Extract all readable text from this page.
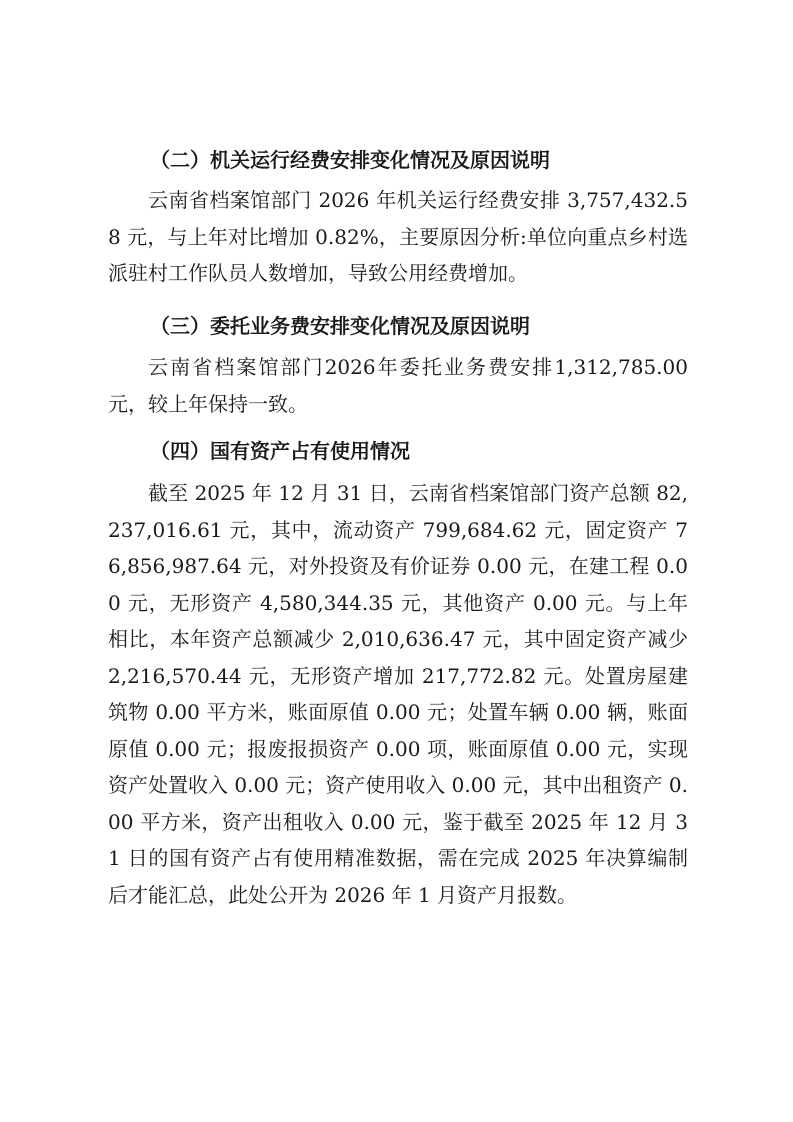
（二）机关运行经费安排变化情况及原因说明

云南省档案馆部门 2026 年机关运行经费安排 3,757,432.58 元，与上年对比增加 0.82%，主要原因分析:单位向重点乡村选派驻村工作队员人数增加，导致公用经费增加。

（三）委托业务费安排变化情况及原因说明

云南省档案馆部门2026年委托业务费安排1,312,785.00元，较上年保持一致。

（四）国有资产占有使用情况

截至 2025 年 12 月 31 日，云南省档案馆部门资产总额 82,237,016.61 元，其中，流动资产 799,684.62 元，固定资产 76,856,987.64 元，对外投资及有价证券 0.00 元，在建工程 0.00 元，无形资产 4,580,344.35 元，其他资产 0.00 元。与上年相比，本年资产总额减少 2,010,636.47 元，其中固定资产减少 2,216,570.44 元，无形资产增加 217,772.82 元。处置房屋建筑物 0.00 平方米，账面原值 0.00 元；处置车辆 0.00 辆，账面原值 0.00 元；报废报损资产 0.00 项，账面原值 0.00 元，实现资产处置收入 0.00 元；资产使用收入 0.00 元，其中出租资产 0.00 平方米，资产出租收入 0.00 元，鉴于截至 2025 年 12 月 31 日的国有资产占有使用精准数据，需在完成 2025 年决算编制后才能汇总，此处公开为 2026 年 1 月资产月报数。
